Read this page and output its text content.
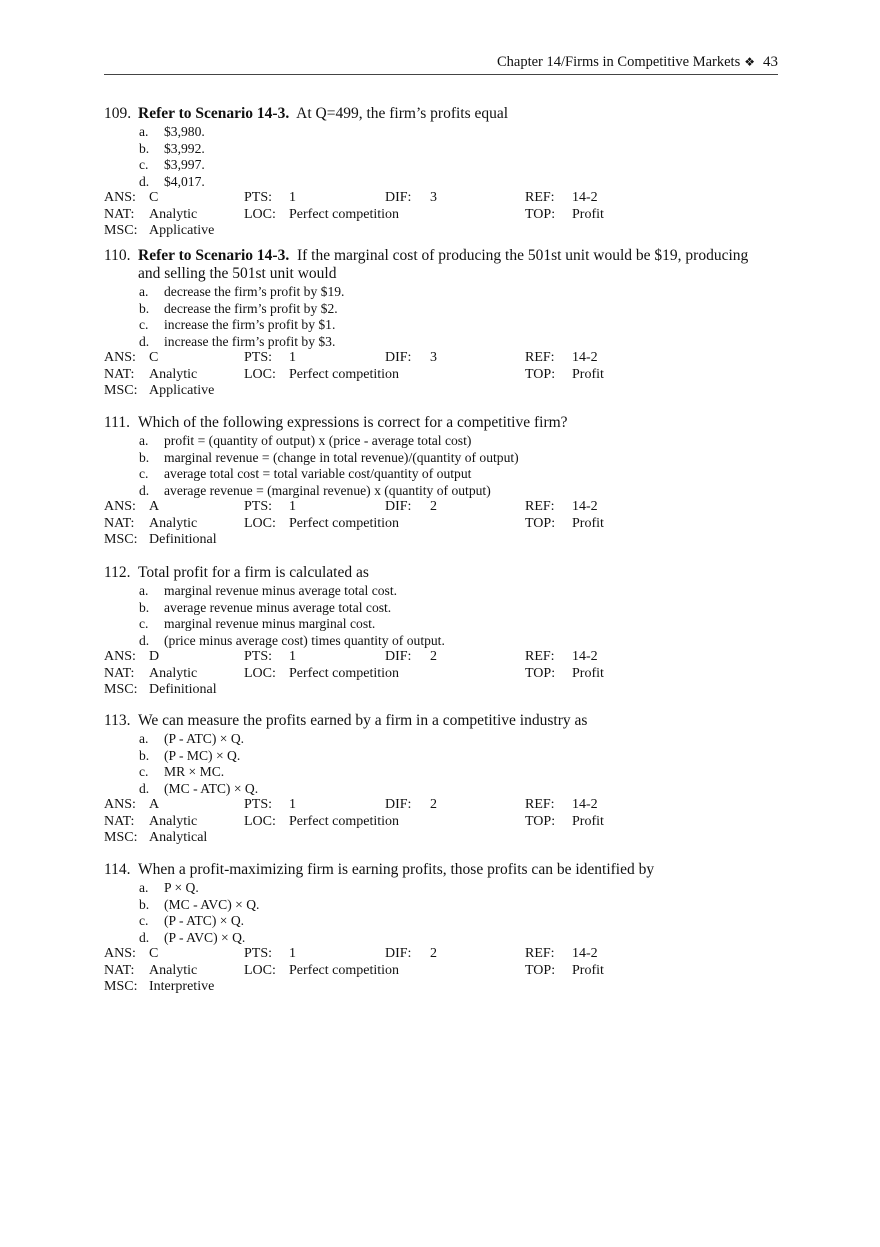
Chapter 14/Firms in Competitive Markets ❖ 43
109. Refer to Scenario 14-3. At Q=499, the firm’s profits equal
a. $3,980.
b. $3,992.
c. $3,997.
d. $4,017.
ANS: C	PTS: 1	DIF: 3	REF: 14-2
NAT: Analytic	LOC: Perfect competition	TOP: Profit
MSC: Applicative
110. Refer to Scenario 14-3. If the marginal cost of producing the 501st unit would be $19, producing
and selling the 501st unit would
a. decrease the firm’s profit by $19.
b. decrease the firm’s profit by $2.
c. increase the firm’s profit by $1.
d. increase the firm’s profit by $3.
ANS: C	PTS: 1	DIF: 3	REF: 14-2
NAT: Analytic	LOC: Perfect competition	TOP: Profit
MSC: Applicative
111. Which of the following expressions is correct for a competitive firm?
a. profit = (quantity of output) x (price - average total cost)
b. marginal revenue = (change in total revenue)/(quantity of output)
c. average total cost = total variable cost/quantity of output
d. average revenue = (marginal revenue) x (quantity of output)
ANS: A	PTS: 1	DIF: 2	REF: 14-2
NAT: Analytic	LOC: Perfect competition	TOP: Profit
MSC: Definitional
112. Total profit for a firm is calculated as
a. marginal revenue minus average total cost.
b. average revenue minus average total cost.
c. marginal revenue minus marginal cost.
d. (price minus average cost) times quantity of output.
ANS: D	PTS: 1	DIF: 2	REF: 14-2
NAT: Analytic	LOC: Perfect competition	TOP: Profit
MSC: Definitional
113. We can measure the profits earned by a firm in a competitive industry as
a. (P - ATC) × Q.
b. (P - MC) × Q.
c. MR × MC.
d. (MC - ATC) × Q.
ANS: A	PTS: 1	DIF: 2	REF: 14-2
NAT: Analytic	LOC: Perfect competition	TOP: Profit
MSC: Analytical
114. When a profit-maximizing firm is earning profits, those profits can be identified by
a. P × Q.
b. (MC - AVC) × Q.
c. (P - ATC) × Q.
d. (P - AVC) × Q.
ANS: C	PTS: 1	DIF: 2	REF: 14-2
NAT: Analytic	LOC: Perfect competition	TOP: Profit
MSC: Interpretive
